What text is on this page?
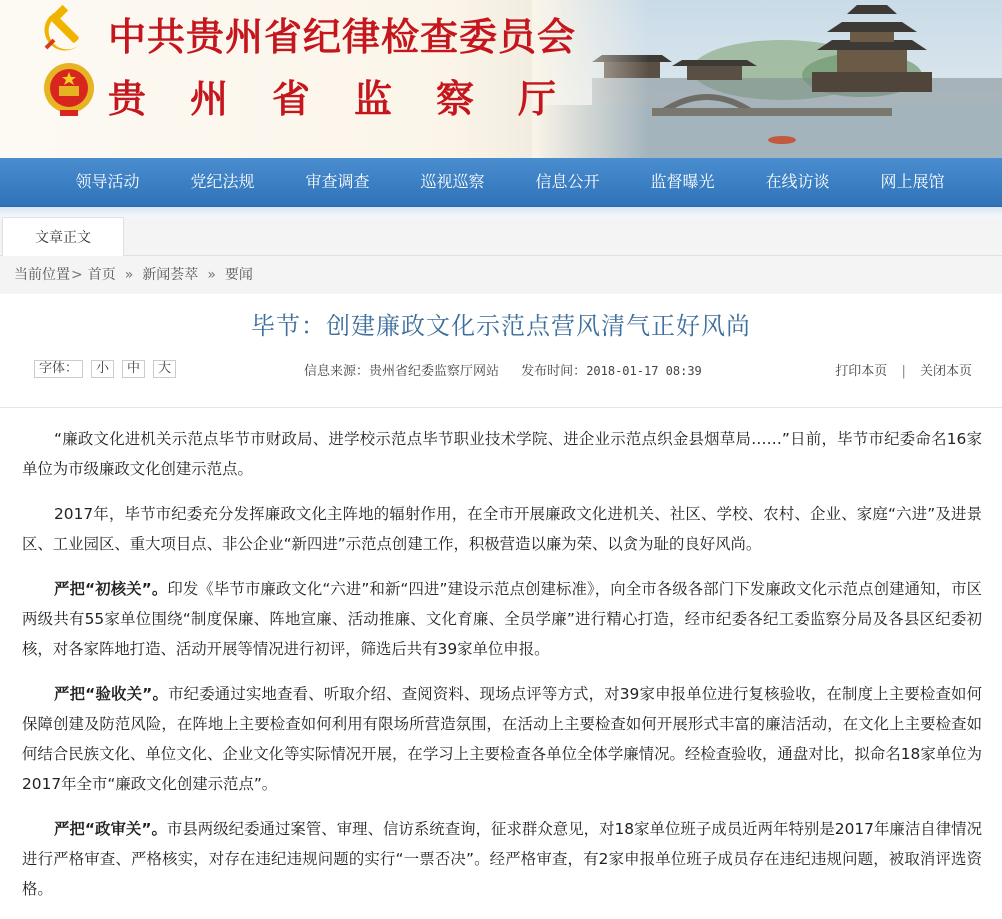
中共贵州省纪律检查委员会
贵州省监察厅
领导活动	党纪法规	审查调查	巡视巡察	信息公开	监督曝光	在线访谈	网上展馆
文章正文
当前位置 > 首页 » 新闻荟萃 » 要闻
毕节：创建廉政文化示范点营风清气正好风尚
字体：	小	中	大	信息来源：贵州省纪委监察厅网站 发布时间：2018-01-17 08:39	打印本页 | 关闭本页

“廉政文化进机关示范点毕节市财政局、进学校示范点毕节职业技术学院、进企业示范点织金县烟草局……”日前，毕节市纪委命名16家单位为市级廉政文化创建示范点。

2017年，毕节市纪委充分发挥廉政文化主阵地的辐射作用，在全市开展廉政文化进机关、社区、学校、农村、企业、家庭“六进”及进景区、工业园区、重大项目点、非公企业“新四进”示范点创建工作，积极营造以廉为荣、以贪为耻的良好风尚。

严把“初核关”。印发《毕节市廉政文化“六进”和新“四进”建设示范点创建标准》，向全市各级各部门下发廉政文化示范点创建通知，市区两级共有55家单位围绕“制度保廉、阵地宣廉、活动推廉、文化育廉、全员学廉”进行精心打造，经市纪委各纪工委监察分局及各县区纪委初核，对各家阵地打造、活动开展等情况进行初评，筛选后共有39家单位申报。

严把“验收关”。市纪委通过实地查看、听取介绍、查阅资料、现场点评等方式，对39家申报单位进行复核验收，在制度上主要检查如何保障创建及防范风险，在阵地上主要检查如何利用有限场所营造氛围，在活动上主要检查如何开展形式丰富的廉洁活动，在文化上主要检查如何结合民族文化、单位文化、企业文化等实际情况开展，在学习上主要检查各单位全体学廉情况。经检查验收，通盘对比，拟命名18家单位为2017年全市“廉政文化创建示范点”。

严把“政审关”。市县两级纪委通过案管、审理、信访系统查询，征求群众意见，对18家单位班子成员近两年特别是2017年廉洁自律情况进行严格审查、严格核实，对存在违纪违规问题的实行“一票否决”。经严格审查，有2家申报单位班子成员存在违纪违规问题，被取消评选资格。
